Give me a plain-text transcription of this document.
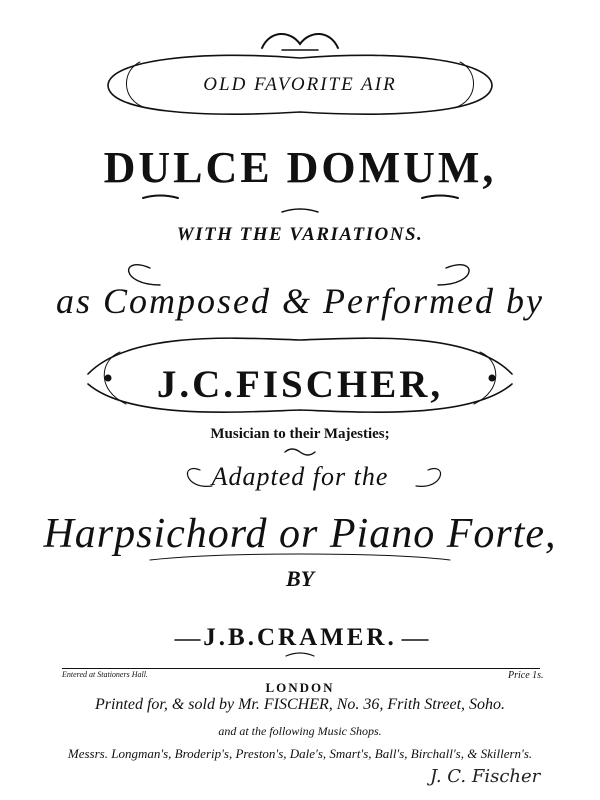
OLD FAVORITE AIR
DULCE DOMUM,
WITH THE VARIATIONS.
as Composed & Performed by
J.C.FISCHER,
Musician to their Majesties;
Adapted for the
Harpsichord or Piano Forte,
BY
J.B.CRAMER.
Entered at Stationers Hall.	Price 1s.
LONDON
Printed for, & sold by Mr. FISCHER, No. 36, Frith Street, Soho.
and at the following Music Shops.
Messrs. Longman's, Broderip's, Preston's, Dale's, Smart's, Ball's, Birchall's, & Skillern's.
J. C. Fischer
